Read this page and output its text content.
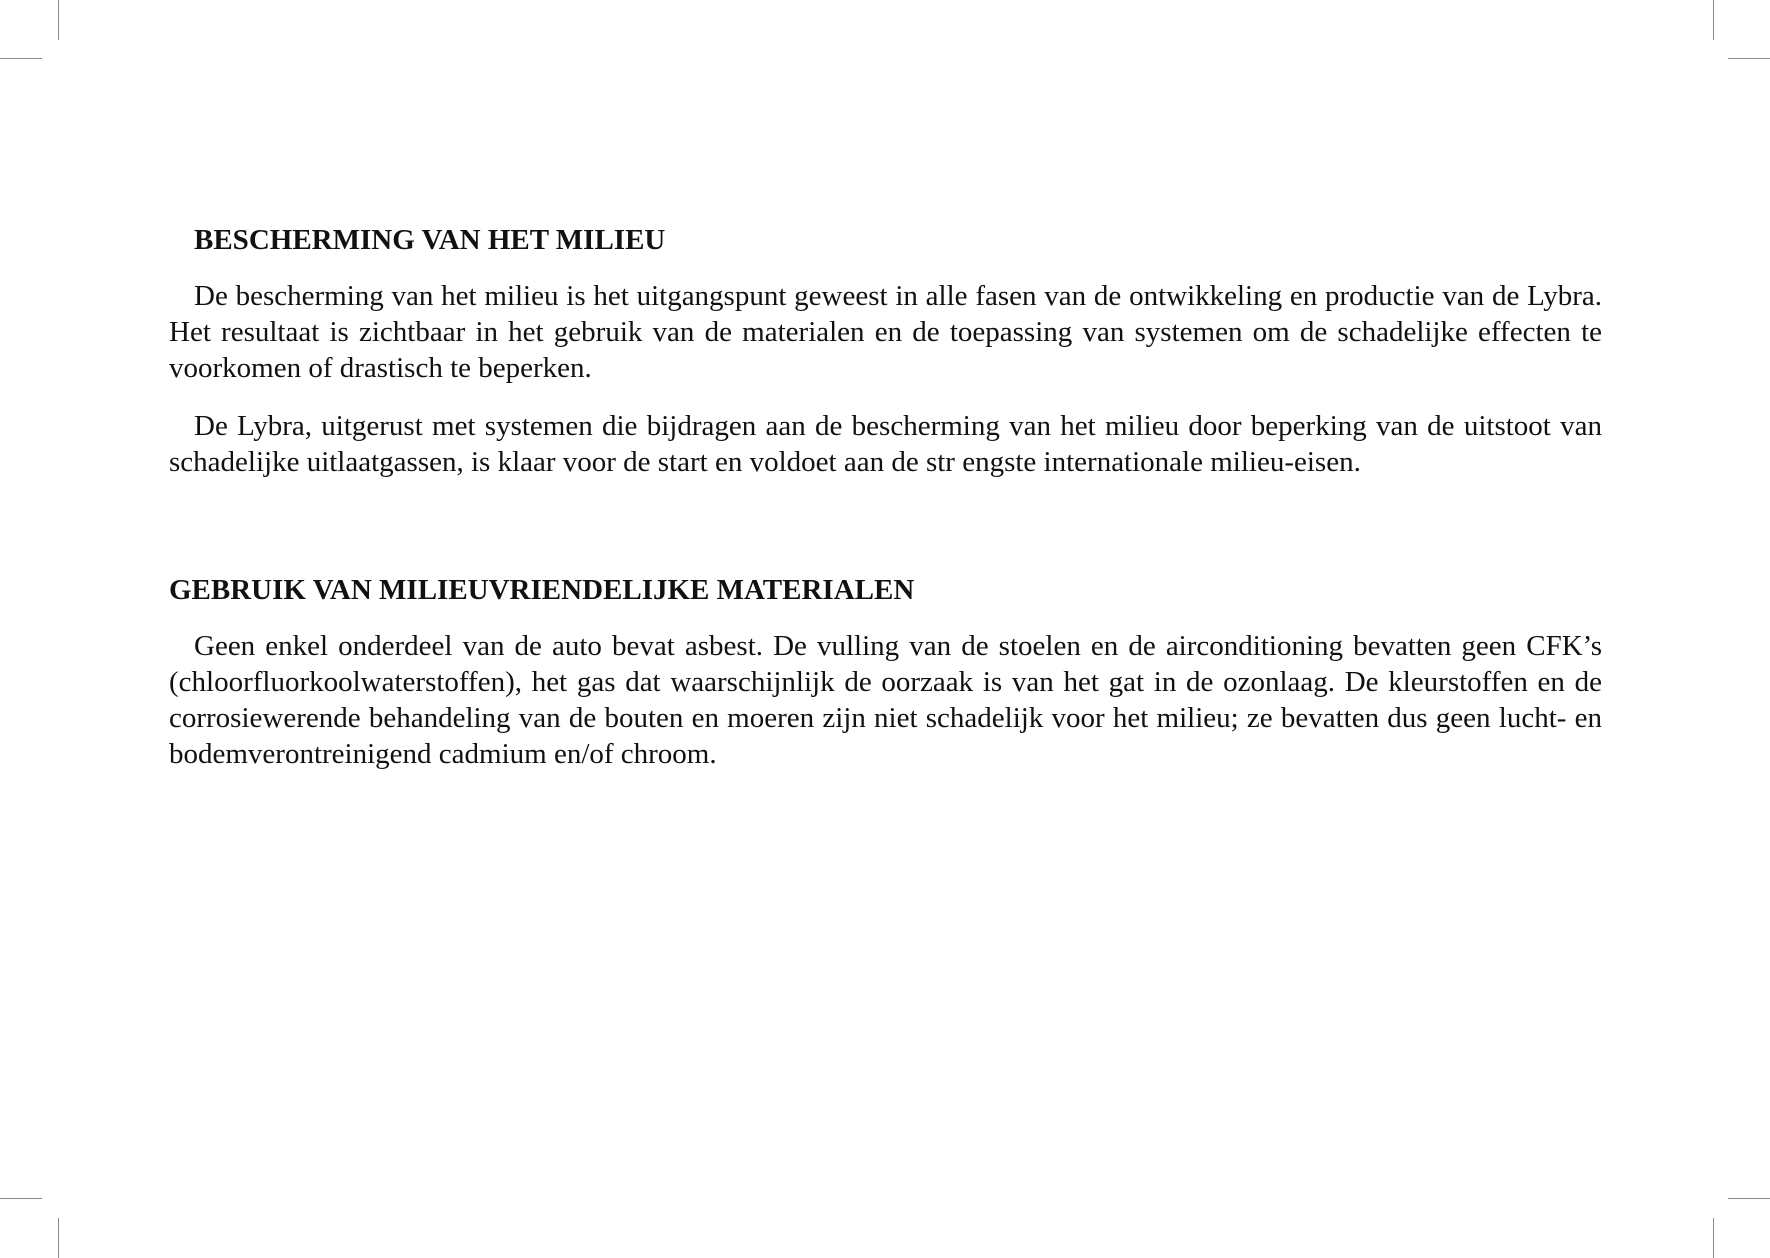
BESCHERMING VAN HET MILIEU

De bescherming van het milieu is het uitgangspunt geweest in alle fasen van de ontwikkeling en productie van de Lybra. Het resultaat is zichtbaar in het gebruik van de materialen en de toepassing van systemen om de schadelijke effecten te voorkomen of drastisch te beperken.

De Lybra, uitgerust met systemen die bijdragen aan de bescherming van het milieu door beperking van de uitstoot van schadelijke uitlaatgassen, is klaar voor de start en voldoet aan de str engste internationale milieu-eisen.

GEBRUIK VAN MILIEUVRIENDELIJKE MATERIALEN

Geen enkel onderdeel van de auto bevat asbest. De vulling van de stoelen en de airconditioning bevatten geen CFK’s (chloorfluorkoolwaterstoffen), het gas dat waarschijnlijk de oorzaak is van het gat in de ozonlaag. De kleurstoffen en de corrosiewerende behandeling van de bouten en moeren zijn niet schadelijk voor het milieu; ze bevatten dus geen lucht- en bodemverontreinigend cadmium en/of chroom.
